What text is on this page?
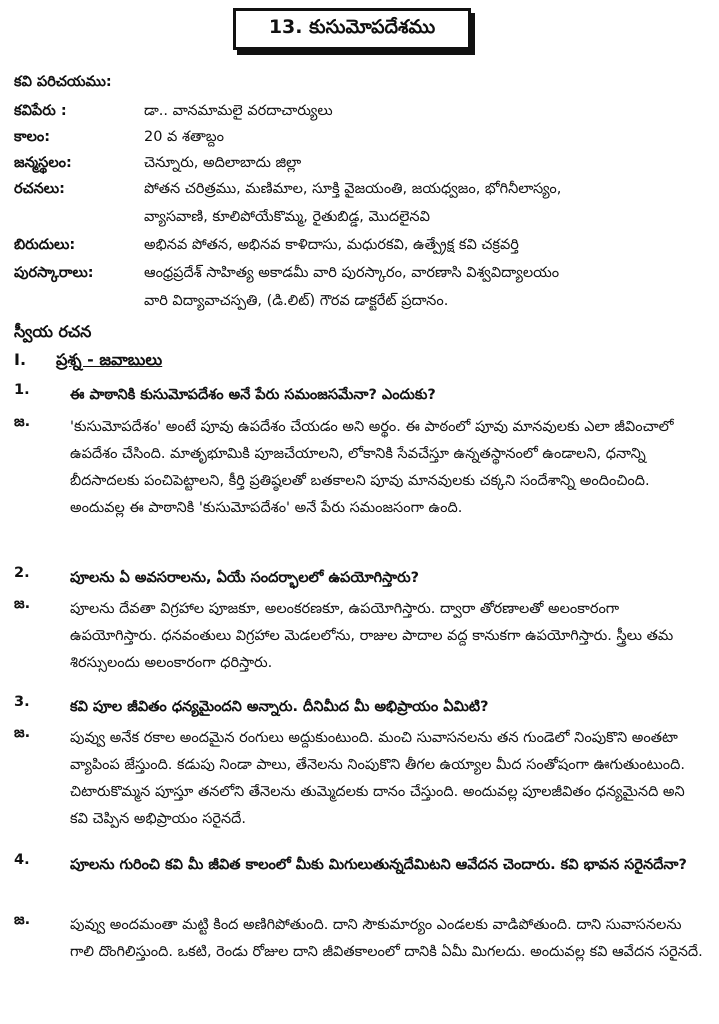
13. కుసుమోపదేశము
కవి పరిచయము:
కవిపేరు :	డా.. వానమామలై వరదాచార్యులు
కాలం:	20 వ శతాబ్దం
జన్మస్థలం:	చెన్నూరు, అదిలాబాదు జిల్లా
రచనలు:	పోతన చరిత్రము, మణిమాల, సూక్తి వైజయంతి, జయధ్వజం, భోగినీలాస్యం,
వ్యాసవాణి, కూలిపోయేకొమ్మ, రైతుబిడ్డ, మొదలైనవి
బిరుదులు:	అభినవ పోతన, అభినవ కాళిదాసు, మధురకవి, ఉత్ప్రేక్ష కవి చక్రవర్తి
పురస్కారాలు:	ఆంధ్రప్రదేశ్ సాహిత్య అకాడమీ వారి పురస్కారం, వారణాసి విశ్వవిద్యాలయం
వారి విద్యావాచస్పతి, (డి.లిట్) గౌరవ డాక్టరేట్ ప్రదానం.
స్వీయ రచన
I. ప్రశ్న - జవాబులు
1.	ఈ పాఠానికి కుసుమోపదేశం అనే పేరు సమంజసమేనా? ఎందుకు?
జ.	'కుసుమోపదేశం' అంటే పూవు ఉపదేశం చేయడం అని అర్థం. ఈ పాఠంలో పూవు మానవులకు ఎలా జీవించాలో ఉపదేశం చేసింది. మాతృభూమికి పూజచేయాలని, లోకానికి సేవచేస్తూ ఉన్నతస్థానంలో ఉండాలని, ధనాన్ని బీదసాదలకు పంచిపెట్టాలని, కీర్తి ప్రతిష్ఠలతో బతకాలని పూవు మానవులకు చక్కని సందేశాన్ని అందించింది. అందువల్ల ఈ పాఠానికి 'కుసుమోపదేశం' అనే పేరు సమంజసంగా ఉంది.
2.	పూలను ఏ అవసరాలను, ఏయే సందర్భాలలో ఉపయోగిస్తారు?
జ.	పూలను దేవతా విగ్రహాల పూజకూ, అలంకరణకూ, ఉపయోగిస్తారు. ద్వారా తోరణాలతో అలంకారంగా ఉపయోగిస్తారు. ధనవంతులు విగ్రహాల మెడలలోను, రాజుల పాదాల వద్ద కానుకగా ఉపయోగిస్తారు. స్త్రీలు తమ శిరస్సులందు అలంకారంగా ధరిస్తారు.
3.	కవి పూల జీవితం ధన్యమైందని అన్నారు. దీనిమీద మీ అభిప్రాయం ఏమిటి?
జ.	పువ్వు అనేక రకాల అందమైన రంగులు అద్దుకుంటుంది. మంచి సువాసనలను తన గుండెలో నింపుకొని అంతటా వ్యాపింప జేస్తుంది. కడుపు నిండా పాలు, తేనెలను నింపుకొని తీగల ఉయ్యాల మీద సంతోషంగా ఊగుతుంటుంది. చిటారుకొమ్మన పూస్తూ తనలోని తేనెలను తుమ్మెదలకు దానం చేస్తుంది. అందువల్ల పూలజీవితం ధన్యమైనది అని కవి చెప్పిన అభిప్రాయం సరైనదే.
4.	పూలను గురించి కవి మీ జీవిత కాలంలో మీకు మిగులుతున్నదేమిటని ఆవేదన చెందారు. కవి భావన సరైనదేనా?
జ.	పువ్వు అందమంతా మట్టి కింద అణిగిపోతుంది. దాని సౌకుమార్యం ఎండలకు వాడిపోతుంది. దాని సువాసనలను గాలి దొంగిలిస్తుంది. ఒకటి, రెండు రోజుల దాని జీవితకాలంలో దానికి ఏమీ మిగలదు. అందువల్ల కవి ఆవేదన సరైనదే.
